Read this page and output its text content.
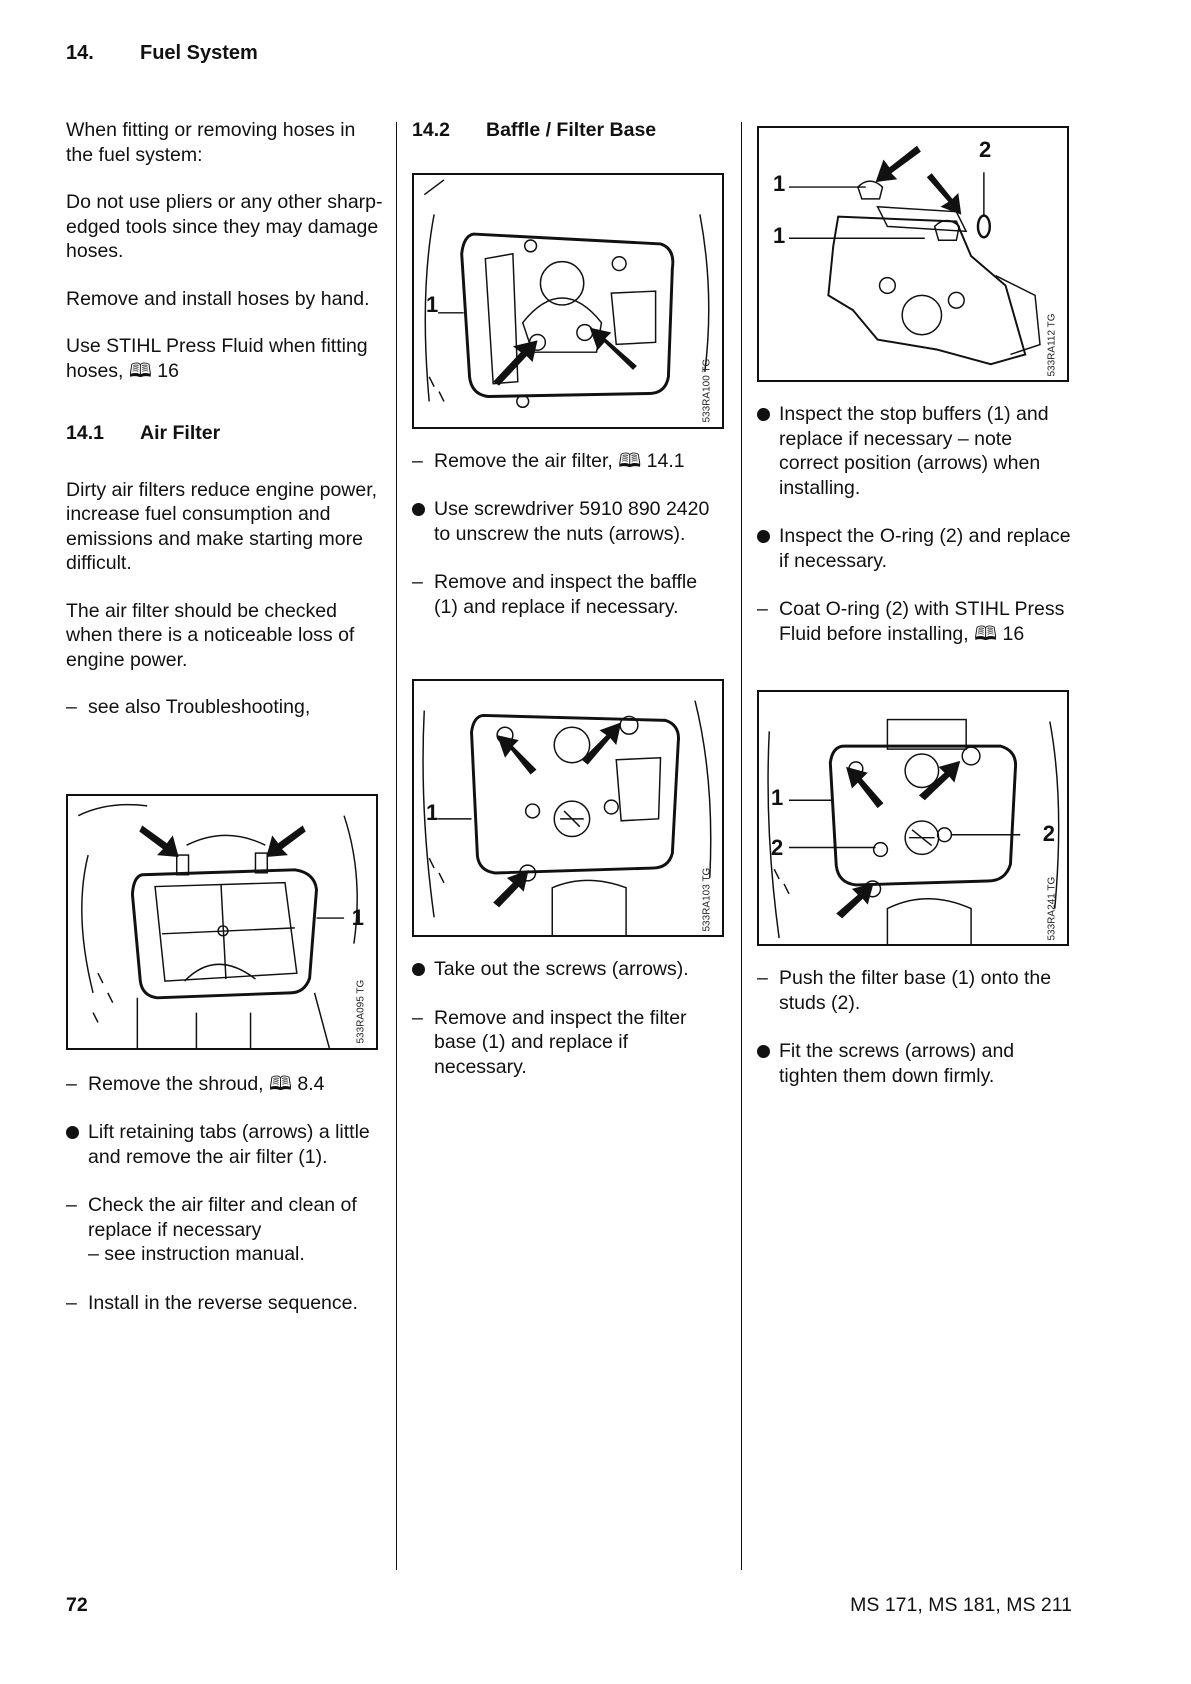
14. Fuel System

When fitting or removing hoses in the fuel system:

Do not use pliers or any other sharp-edged tools since they may damage hoses.

Remove and install hoses by hand.

Use STIHL Press Fluid when fitting hoses, 🕮 16

14.1 Air Filter

Dirty air filters reduce engine power, increase fuel consumption and emissions and make starting more difficult.

The air filter should be checked when there is a noticeable loss of engine power.

– see also Troubleshooting,
1
533RA095 TG
– Remove the shroud, 🕮 8.4
Lift retaining tabs (arrows) a little and remove the air filter (1).
– Check the air filter and clean of replace if necessary
– see instruction manual.
– Install in the reverse sequence.
14.2 Baffle / Filter Base
1
533RA100 TG
– Remove the air filter, 🕮 14.1
Use screwdriver 5910 890 2420 to unscrew the nuts (arrows).
– Remove and inspect the baffle (1) and replace if necessary.
1
533RA103 TG
Take out the screws (arrows).
– Remove and inspect the filter base (1) and replace if necessary.
1
1
2
533RA112 TG
Inspect the stop buffers (1) and replace if necessary – note correct position (arrows) when installing.
Inspect the O-ring (2) and replace if necessary.
– Coat O-ring (2) with STIHL Press Fluid before installing, 🕮 16
1
2
2
533RA241 TG
– Push the filter base (1) onto the studs (2).
Fit the screws (arrows) and tighten them down firmly.
72	MS 171, MS 181, MS 211
